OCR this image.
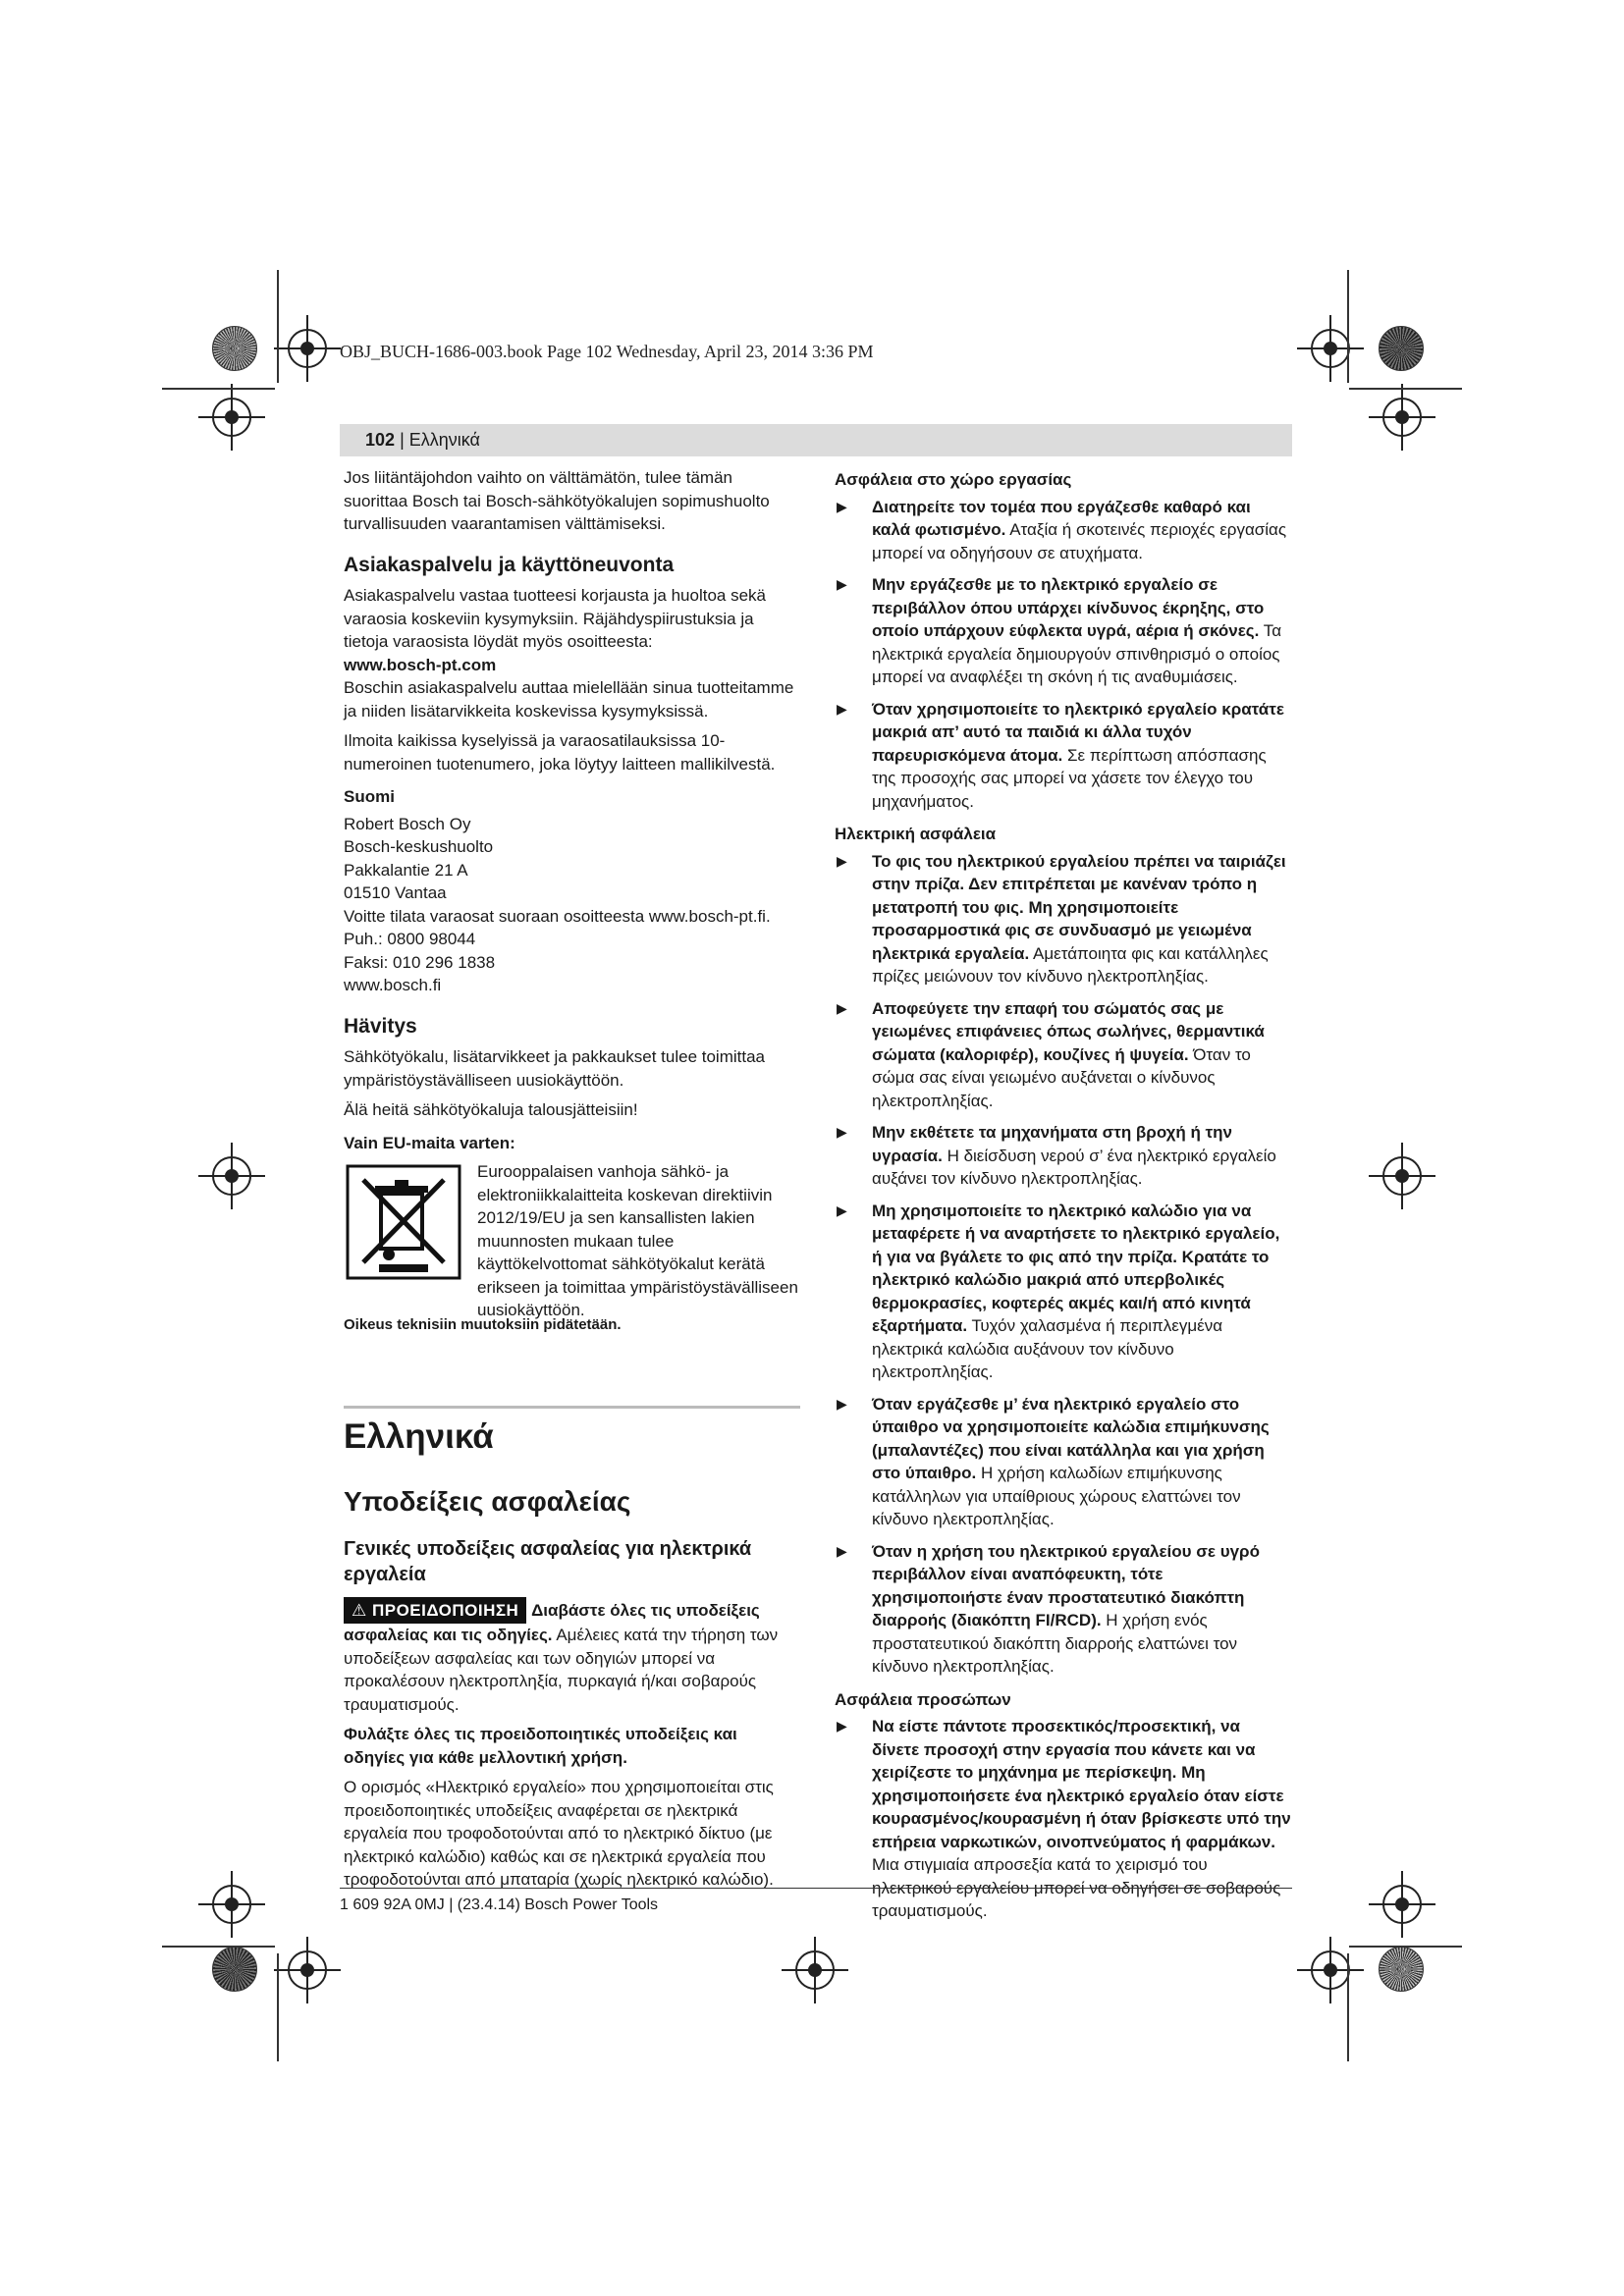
OBJ_BUCH-1686-003.book Page 102 Wednesday, April 23, 2014 3:36 PM
102 | Ελληνικά

Jos liitäntäjohdon vaihto on välttämätön, tulee tämän suorittaa Bosch tai Bosch-sähkötyökalujen sopimushuolto turvallisuuden vaarantamisen välttämiseksi.

Asiakaspalvelu ja käyttöneuvonta

Asiakaspalvelu vastaa tuotteesi korjausta ja huoltoa sekä varaosia koskeviin kysymyksiin. Räjähdyspiirustuksia ja tietoja varaosista löydät myös osoitteesta:

www.bosch-pt.com

Boschin asiakaspalvelu auttaa mielellään sinua tuotteitamme ja niiden lisätarvikkeita koskevissa kysymyksissä.

Ilmoita kaikissa kyselyissä ja varaosatilauksissa 10-numeroinen tuotenumero, joka löytyy laitteen mallikilvestä.

Suomi
Robert Bosch Oy
Bosch-keskushuolto
Pakkalantie 21 A
01510 Vantaa
Voitte tilata varaosat suoraan osoitteesta www.bosch-pt.fi.
Puh.: 0800 98044
Faksi: 010 296 1838
www.bosch.fi
Hävitys

Sähkötyökalu, lisätarvikkeet ja pakkaukset tulee toimittaa ympäristöystävälliseen uusiokäyttöön.

Älä heitä sähkötyökaluja talousjätteisiin!

Vain EU-maita varten:
Eurooppalaisen vanhoja sähkö- ja elektroniikkalaitteita koskevan direktiivin 2012/19/EU ja sen kansallisten lakien muunnosten mukaan tulee käyttökelvottomat sähkötyökalut kerätä erikseen ja toimittaa ympäristöystävälliseen uusiokäyttöön.

Oikeus teknisiin muutoksiin pidätetään.

Ελληνικά
Υποδείξεις ασφαλείας
Γενικές υποδείξεις ασφαλείας για ηλεκτρικά εργαλεία

⚠ ΠΡΟΕΙΔΟΠΟΙΗΣΗ Διαβάστε όλες τις υποδείξεις ασφαλείας και τις οδηγίες. Αμέλειες κατά την τήρηση των υποδείξεων ασφαλείας και των οδηγιών μπορεί να προκαλέσουν ηλεκτροπληξία, πυρκαγιά ή/και σοβαρούς τραυματισμούς.

Φυλάξτε όλες τις προειδοποιητικές υποδείξεις και οδηγίες για κάθε μελλοντική χρήση.

Ο ορισμός «Ηλεκτρικό εργαλείο» που χρησιμοποιείται στις προειδοποιητικές υποδείξεις αναφέρεται σε ηλεκτρικά εργαλεία που τροφοδοτούνται από το ηλεκτρικό δίκτυο (με ηλεκτρικό καλώδιο) καθώς και σε ηλεκτρικά εργαλεία που τροφοδοτούνται από μπαταρία (χωρίς ηλεκτρικό καλώδιο).

Ασφάλεια στο χώρο εργασίας
▶ Διατηρείτε τον τομέα που εργάζεσθε καθαρό και καλά φωτισμένο. Αταξία ή σκοτεινές περιοχές εργασίας μπορεί να οδηγήσουν σε ατυχήματα.
▶ Μην εργάζεσθε με το ηλεκτρικό εργαλείο σε περιβάλλον όπου υπάρχει κίνδυνος έκρηξης, στο οποίο υπάρχουν εύφλεκτα υγρά, αέρια ή σκόνες. Τα ηλεκτρικά εργαλεία δημιουργούν σπινθηρισμό ο οποίος μπορεί να αναφλέξει τη σκόνη ή τις αναθυμιάσεις.
▶ Όταν χρησιμοποιείτε το ηλεκτρικό εργαλείο κρατάτε μακριά απ’ αυτό τα παιδιά κι άλλα τυχόν παρευρισκόμενα άτομα. Σε περίπτωση απόσπασης της προσοχής σας μπορεί να χάσετε τον έλεγχο του μηχανήματος.
Ηλεκτρική ασφάλεια
▶ Το φις του ηλεκτρικού εργαλείου πρέπει να ταιριάζει στην πρίζα. Δεν επιτρέπεται με κανέναν τρόπο η μετατροπή του φις. Μη χρησιμοποιείτε προσαρμοστικά φις σε συνδυασμό με γειωμένα ηλεκτρικά εργαλεία. Αμετάποιητα φις και κατάλληλες πρίζες μειώνουν τον κίνδυνο ηλεκτροπληξίας.
▶ Αποφεύγετε την επαφή του σώματός σας με γειωμένες επιφάνειες όπως σωλήνες, θερμαντικά σώματα (καλοριφέρ), κουζίνες ή ψυγεία. Όταν το σώμα σας είναι γειωμένο αυξάνεται ο κίνδυνος ηλεκτροπληξίας.
▶ Μην εκθέτετε τα μηχανήματα στη βροχή ή την υγρασία. Η διείσδυση νερού σ’ ένα ηλεκτρικό εργαλείο αυξάνει τον κίνδυνο ηλεκτροπληξίας.
▶ Μη χρησιμοποιείτε το ηλεκτρικό καλώδιο για να μεταφέρετε ή να αναρτήσετε το ηλεκτρικό εργαλείο, ή για να βγάλετε το φις από την πρίζα. Κρατάτε το ηλεκτρικό καλώδιο μακριά από υπερβολικές θερμοκρασίες, κοφτερές ακμές και/ή από κινητά εξαρτήματα. Τυχόν χαλασμένα ή περιπλεγμένα ηλεκτρικά καλώδια αυξάνουν τον κίνδυνο ηλεκτροπληξίας.
▶ Όταν εργάζεσθε μ’ ένα ηλεκτρικό εργαλείο στο ύπαιθρο να χρησιμοποιείτε καλώδια επιμήκυνσης (μπαλαντέζες) που είναι κατάλληλα και για χρήση στο ύπαιθρο. Η χρήση καλωδίων επιμήκυνσης κατάλληλων για υπαίθριους χώρους ελαττώνει τον κίνδυνο ηλεκτροπληξίας.
▶ Όταν η χρήση του ηλεκτρικού εργαλείου σε υγρό περιβάλλον είναι αναπόφευκτη, τότε χρησιμοποιήστε έναν προστατευτικό διακόπτη διαρροής (διακόπτη FI/RCD). Η χρήση ενός προστατευτικού διακόπτη διαρροής ελαττώνει τον κίνδυνο ηλεκτροπληξίας.
Ασφάλεια προσώπων
▶ Να είστε πάντοτε προσεκτικός/προσεκτική, να δίνετε προσοχή στην εργασία που κάνετε και να χειρίζεστε το μηχάνημα με περίσκεψη. Μη χρησιμοποιήσετε ένα ηλεκτρικό εργαλείο όταν είστε κουρασμένος/κουρασμένη ή όταν βρίσκεστε υπό την επήρεια ναρκωτικών, οινοπνεύματος ή φαρμάκων. Μια στιγμιαία απροσεξία κατά το χειρισμό του ηλεκτρικού εργαλείου μπορεί να οδηγήσει σε σοβαρούς τραυματισμούς.
1 609 92A 0MJ | (23.4.14) Bosch Power Tools
